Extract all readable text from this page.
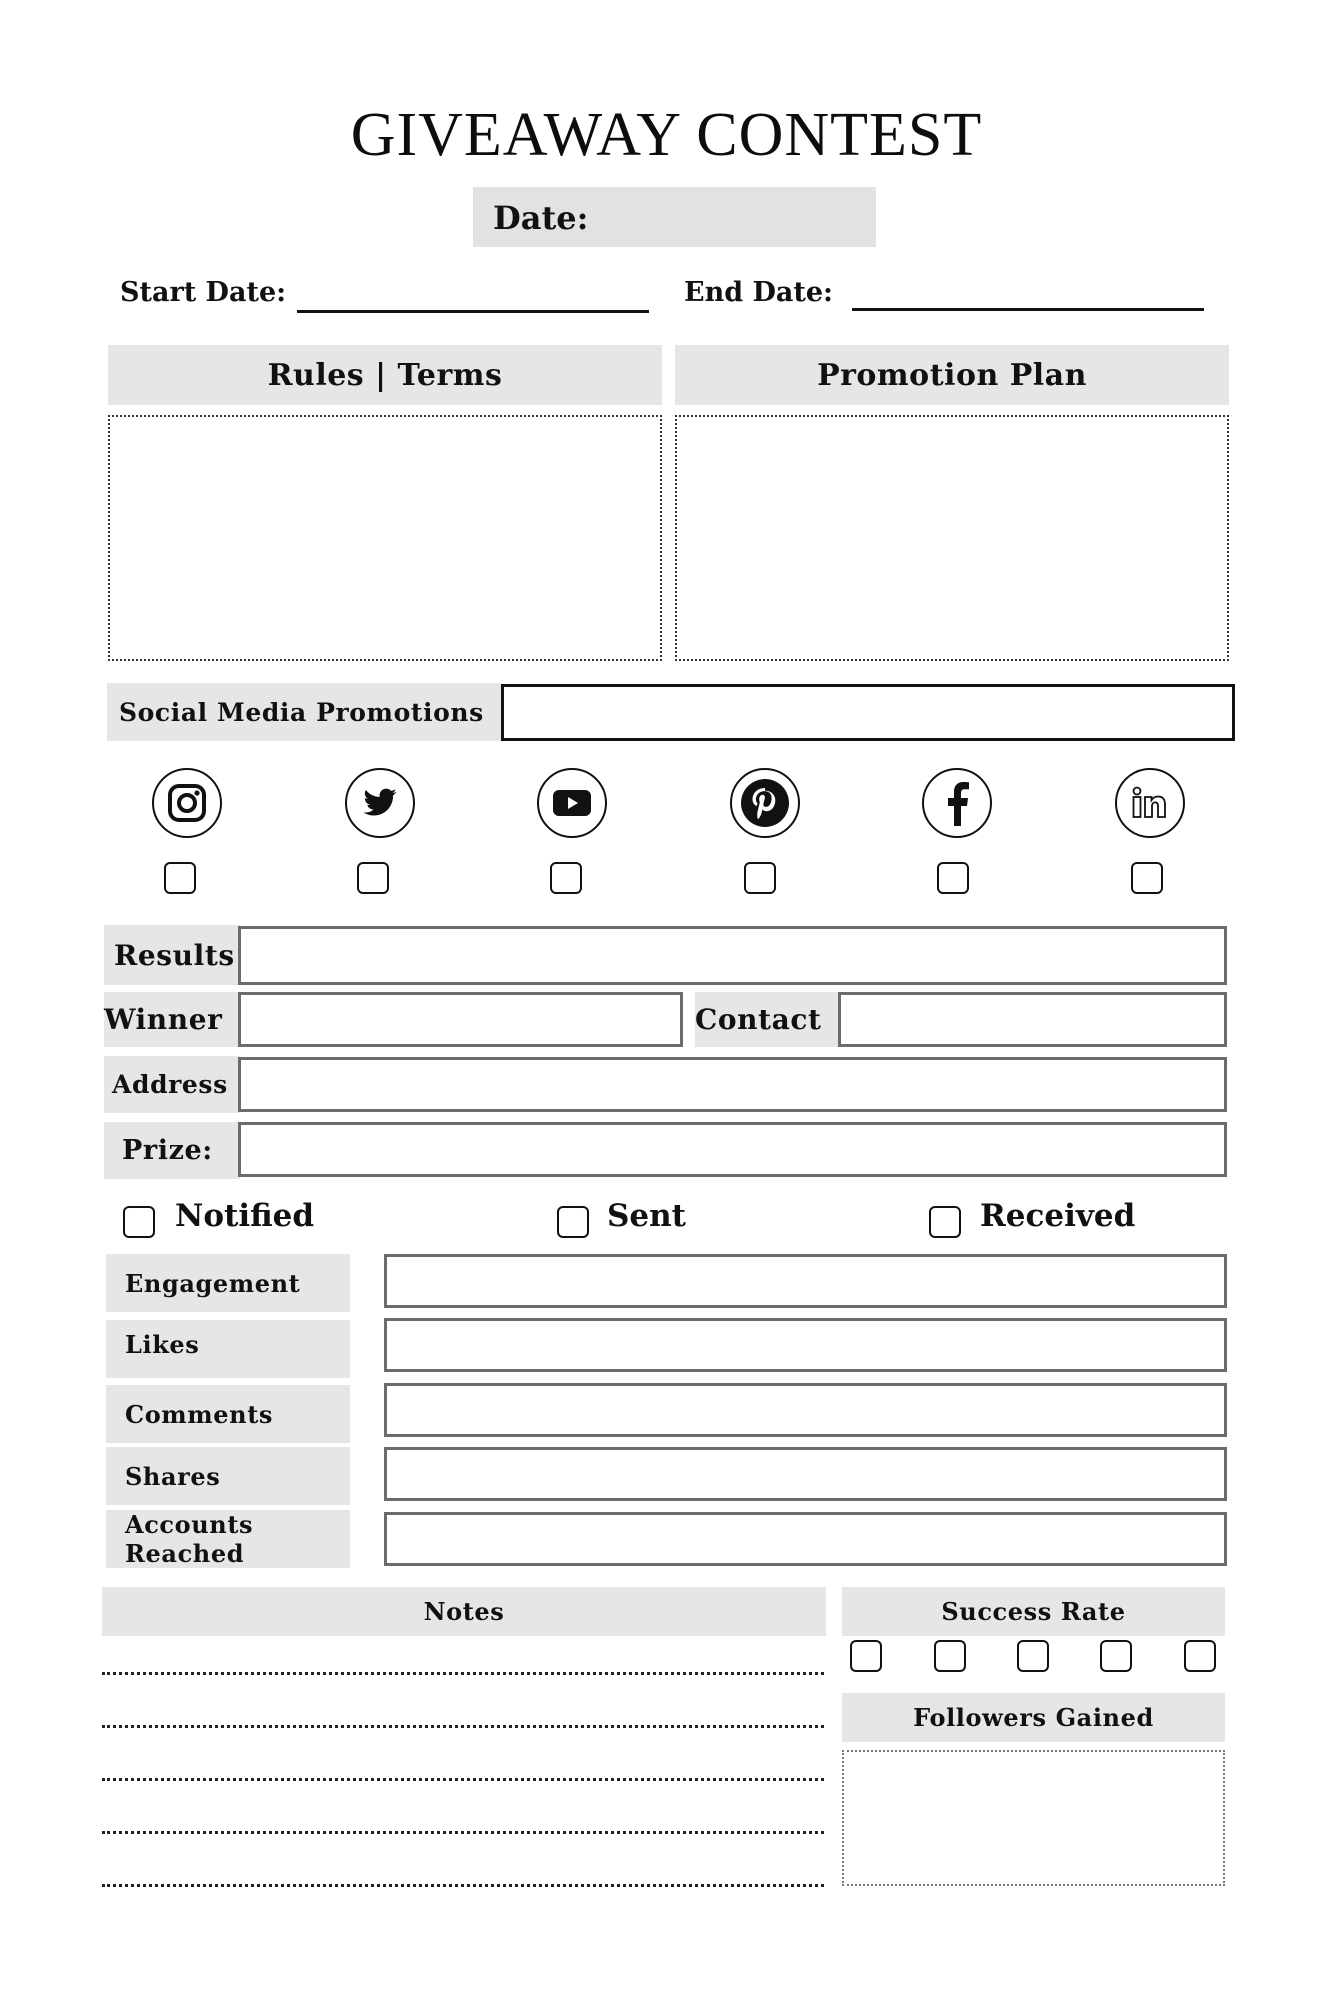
GIVEAWAY CONTEST
Date:
Start Date:	End Date:
Rules | Terms	Promotion Plan
Social Media Promotions
Results
Winner	Contact
Address
Prize:
Notified	Sent	Received
Engagement
Likes
Comments
Shares
Accounts Reached
Notes	Success Rate
Followers Gained
